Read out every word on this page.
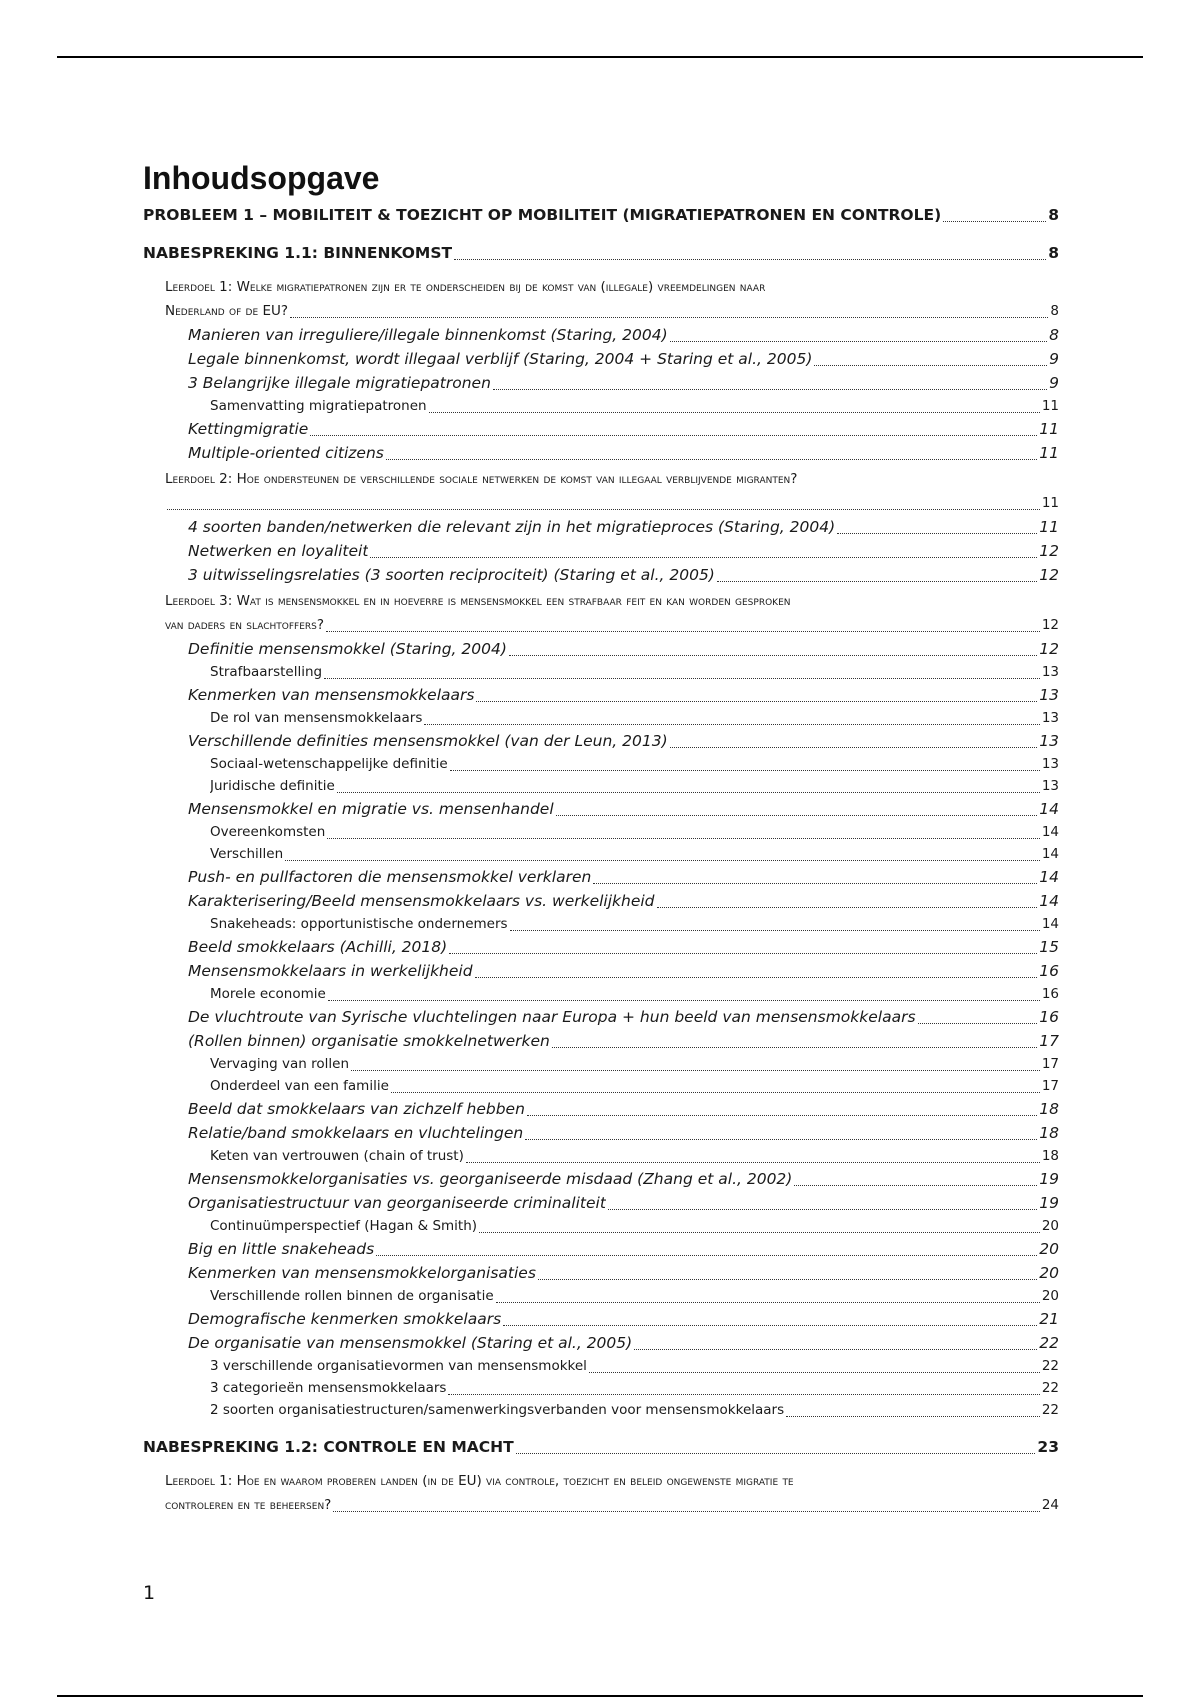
Inhoudsopgave
PROBLEEM 1 – MOBILITEIT & TOEZICHT OP MOBILITEIT (MIGRATIEPATRONEN EN CONTROLE)	8
NABESPREKING 1.1: BINNENKOMST	8
Leerdoel 1: Welke migratiepatronen zijn er te onderscheiden bij de komst van (illegale) vreemdelingen naar
Nederland of de EU?	8
Manieren van irreguliere/illegale binnenkomst (Staring, 2004)	8
Legale binnenkomst, wordt illegaal verblijf (Staring, 2004 + Staring et al., 2005)	9
3 Belangrijke illegale migratiepatronen	9
Samenvatting migratiepatronen	11
Kettingmigratie	11
Multiple-oriented citizens	11
Leerdoel 2: Hoe ondersteunen de verschillende sociale netwerken de komst van illegaal verblijvende migranten?
11
4 soorten banden/netwerken die relevant zijn in het migratieproces (Staring, 2004)	11
Netwerken en loyaliteit	12
3 uitwisselingsrelaties (3 soorten reciprociteit) (Staring et al., 2005)	12
Leerdoel 3: Wat is mensensmokkel en in hoeverre is mensensmokkel een strafbaar feit en kan worden gesproken
van daders en slachtoffers?	12
Definitie mensensmokkel (Staring, 2004)	12
Strafbaarstelling	13
Kenmerken van mensensmokkelaars	13
De rol van mensensmokkelaars	13
Verschillende definities mensensmokkel (van der Leun, 2013)	13
Sociaal-wetenschappelijke definitie	13
Juridische definitie	13
Mensensmokkel en migratie vs. mensenhandel	14
Overeenkomsten	14
Verschillen	14
Push- en pullfactoren die mensensmokkel verklaren	14
Karakterisering/Beeld mensensmokkelaars vs. werkelijkheid	14
Snakeheads: opportunistische ondernemers	14
Beeld smokkelaars (Achilli, 2018)	15
Mensensmokkelaars in werkelijkheid	16
Morele economie	16
De vluchtroute van Syrische vluchtelingen naar Europa + hun beeld van mensensmokkelaars	16
(Rollen binnen) organisatie smokkelnetwerken	17
Vervaging van rollen	17
Onderdeel van een familie	17
Beeld dat smokkelaars van zichzelf hebben	18
Relatie/band smokkelaars en vluchtelingen	18
Keten van vertrouwen (chain of trust)	18
Mensensmokkelorganisaties vs. georganiseerde misdaad (Zhang et al., 2002)	19
Organisatiestructuur van georganiseerde criminaliteit	19
Continuümperspectief (Hagan & Smith)	20
Big en little snakeheads	20
Kenmerken van mensensmokkelorganisaties	20
Verschillende rollen binnen de organisatie	20
Demografische kenmerken smokkelaars	21
De organisatie van mensensmokkel (Staring et al., 2005)	22
3 verschillende organisatievormen van mensensmokkel	22
3 categorieën mensensmokkelaars	22
2 soorten organisatiestructuren/samenwerkingsverbanden voor mensensmokkelaars	22
NABESPREKING 1.2: CONTROLE EN MACHT	23
Leerdoel 1: Hoe en waarom proberen landen (in de EU) via controle, toezicht en beleid ongewenste migratie te
controleren en te beheersen?	24
1
